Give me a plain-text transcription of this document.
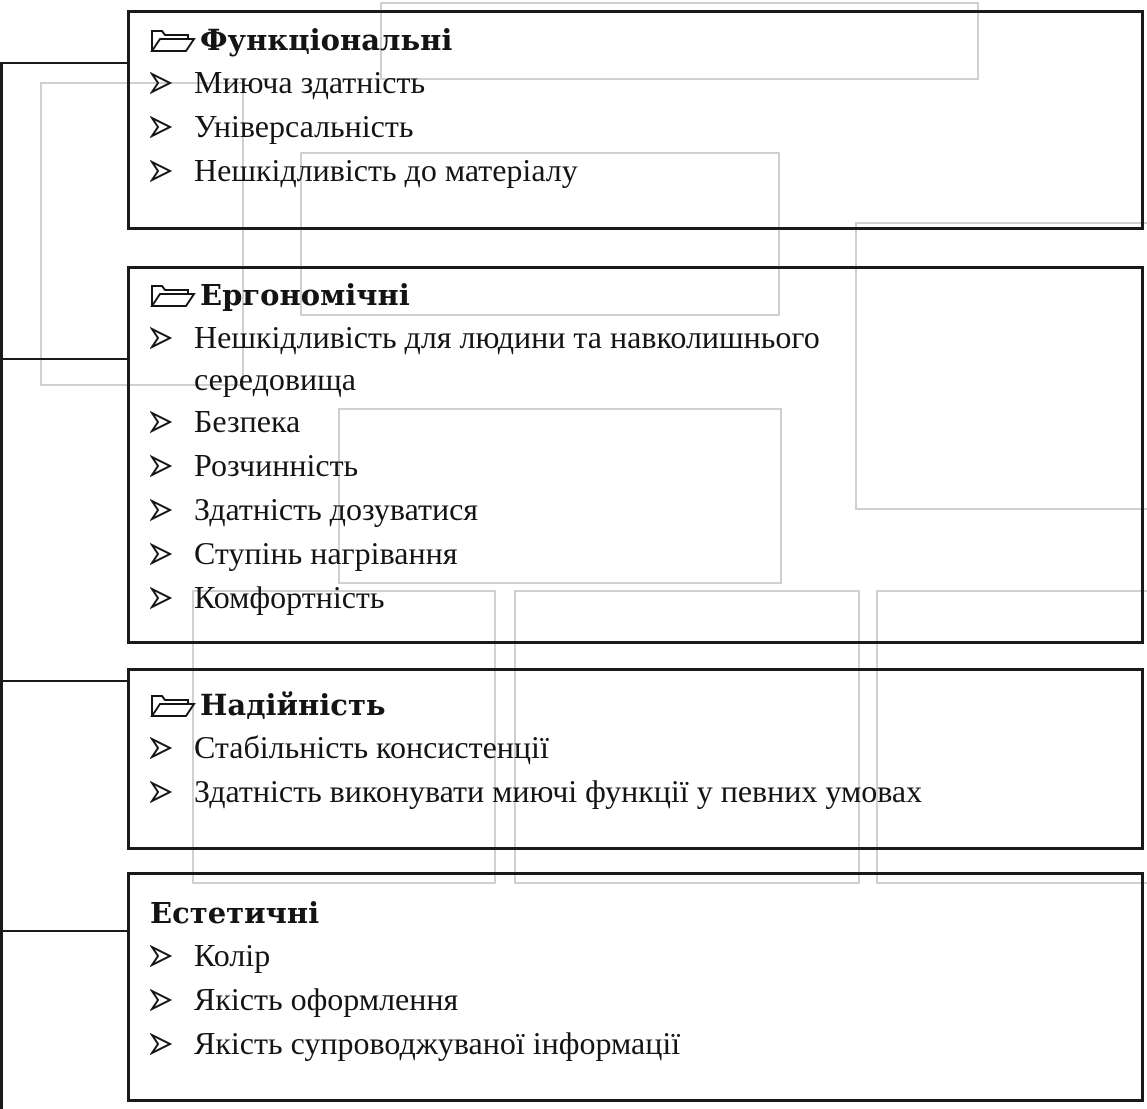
Функціональні
Миюча здатність
Універсальність
Нешкідливість до матеріалу
Ергономічні
Нешкідливість для людини та навколишнього
середовища
Безпека
Розчинність
Здатність дозуватися
Ступінь нагрівання
Комфортність
Надійність
Стабільність консистенції
Здатність виконувати миючі функції у певних умовах
Естетичні
Колір
Якість оформлення
Якість супроводжуваної інформації
